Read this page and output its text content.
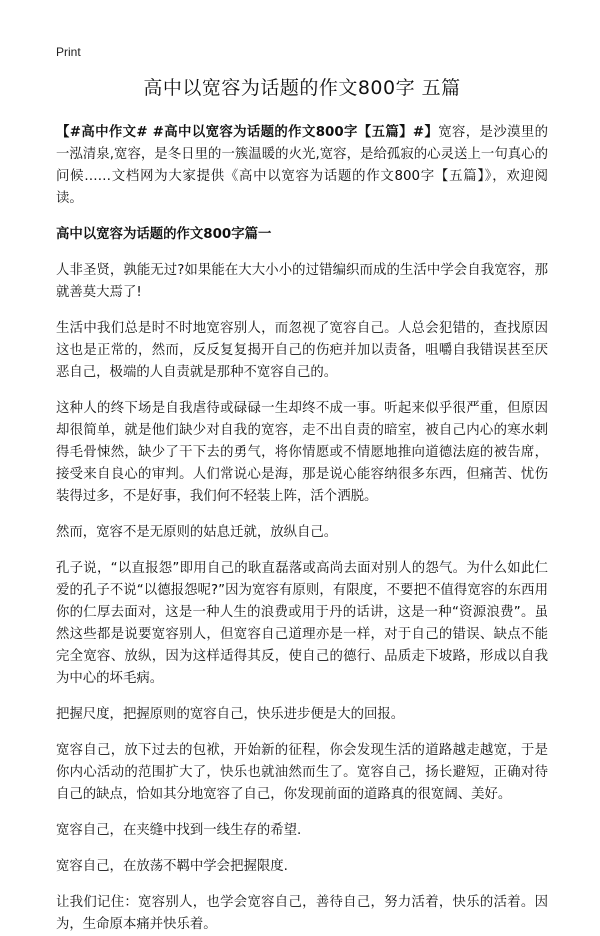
Print
高中以宽容为话题的作文800字 五篇

【#高中作文# #高中以宽容为话题的作文800字【五篇】#】宽容，是沙漠里的一泓清泉,宽容，是冬日里的一簇温暖的火光,宽容，是给孤寂的心灵送上一句真心的问候……文档网为大家提供《高中以宽容为话题的作文800字【五篇】》，欢迎阅读。

高中以宽容为话题的作文800字篇一

人非圣贤，孰能无过?如果能在大大小小的过错编织而成的生活中学会自我宽容，那就善莫大焉了!

生活中我们总是时不时地宽容别人，而忽视了宽容自己。人总会犯错的，查找原因这也是正常的，然而，反反复复揭开自己的伤疤并加以责备，咀嚼自我错误甚至厌恶自己，极端的人自责就是那种不宽容自己的。

这种人的终下场是自我虐待或碌碌一生却终不成一事。听起来似乎很严重，但原因却很简单，就是他们缺少对自我的宽容，走不出自责的暗室，被自己内心的寒水剌得毛骨悚然，缺少了干下去的勇气，将你情愿或不情愿地推向道德法庭的被告席，接受来自良心的审判。人们常说心是海，那是说心能容纳很多东西，但痛苦、忧伤装得过多，不是好事，我们何不轻装上阵，活个洒脱。

然而，宽容不是无原则的姑息迁就，放纵自己。

孔子说，“以直报怨”即用自己的耿直磊落或高尚去面对别人的怨气。为什么如此仁爱的孔子不说“以德报怨呢?”因为宽容有原则，有限度，不要把不值得宽容的东西用你的仁厚去面对，这是一种人生的浪费或用于丹的话讲，这是一种“资源浪费”。虽然这些都是说要宽容别人，但宽容自己道理亦是一样，对于自己的错误、缺点不能完全宽容、放纵，因为这样适得其反，使自己的德行、品质走下坡路，形成以自我为中心的坏毛病。

把握尺度，把握原则的宽容自己，快乐进步便是大的回报。

宽容自己，放下过去的包袱，开始新的征程，你会发现生活的道路越走越宽，于是你内心活动的范围扩大了，快乐也就油然而生了。宽容自己，扬长避短，正确对待自己的缺点，恰如其分地宽容了自己，你发现前面的道路真的很宽阔、美好。

宽容自己，在夹缝中找到一线生存的希望.

宽容自己，在放荡不羁中学会把握限度.

让我们记住：宽容别人，也学会宽容自己，善待自己，努力活着，快乐的活着。因为，生命原本痛并快乐着。
